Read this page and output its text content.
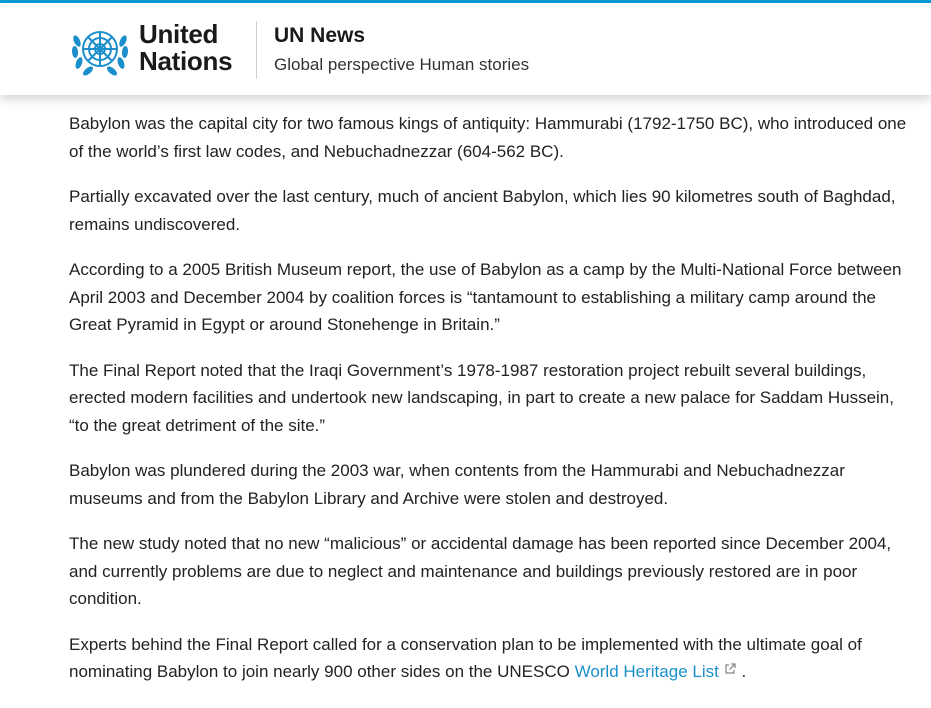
United
Nations
UN News
Global perspective Human stories

Babylon was the capital city for two famous kings of antiquity: Hammurabi (1792-1750 BC), who introduced one of the world’s first law codes, and Nebuchadnezzar (604-562 BC).

Partially excavated over the last century, much of ancient Babylon, which lies 90 kilometres south of Baghdad, remains undiscovered.

According to a 2005 British Museum report, the use of Babylon as a camp by the Multi-National Force between April 2003 and December 2004 by coalition forces is “tantamount to establishing a military camp around the Great Pyramid in Egypt or around Stonehenge in Britain.”

The Final Report noted that the Iraqi Government’s 1978-1987 restoration project rebuilt several buildings, erected modern facilities and undertook new landscaping, in part to create a new palace for Saddam Hussein, “to the great detriment of the site.”

Babylon was plundered during the 2003 war, when contents from the Hammurabi and Nebuchadnezzar museums and from the Babylon Library and Archive were stolen and destroyed.

The new study noted that no new “malicious” or accidental damage has been reported since December 2004, and currently problems are due to neglect and maintenance and buildings previously restored are in poor condition.

Experts behind the Final Report called for a conservation plan to be implemented with the ultimate goal of nominating Babylon to join nearly 900 other sides on the UNESCO World Heritage List .
